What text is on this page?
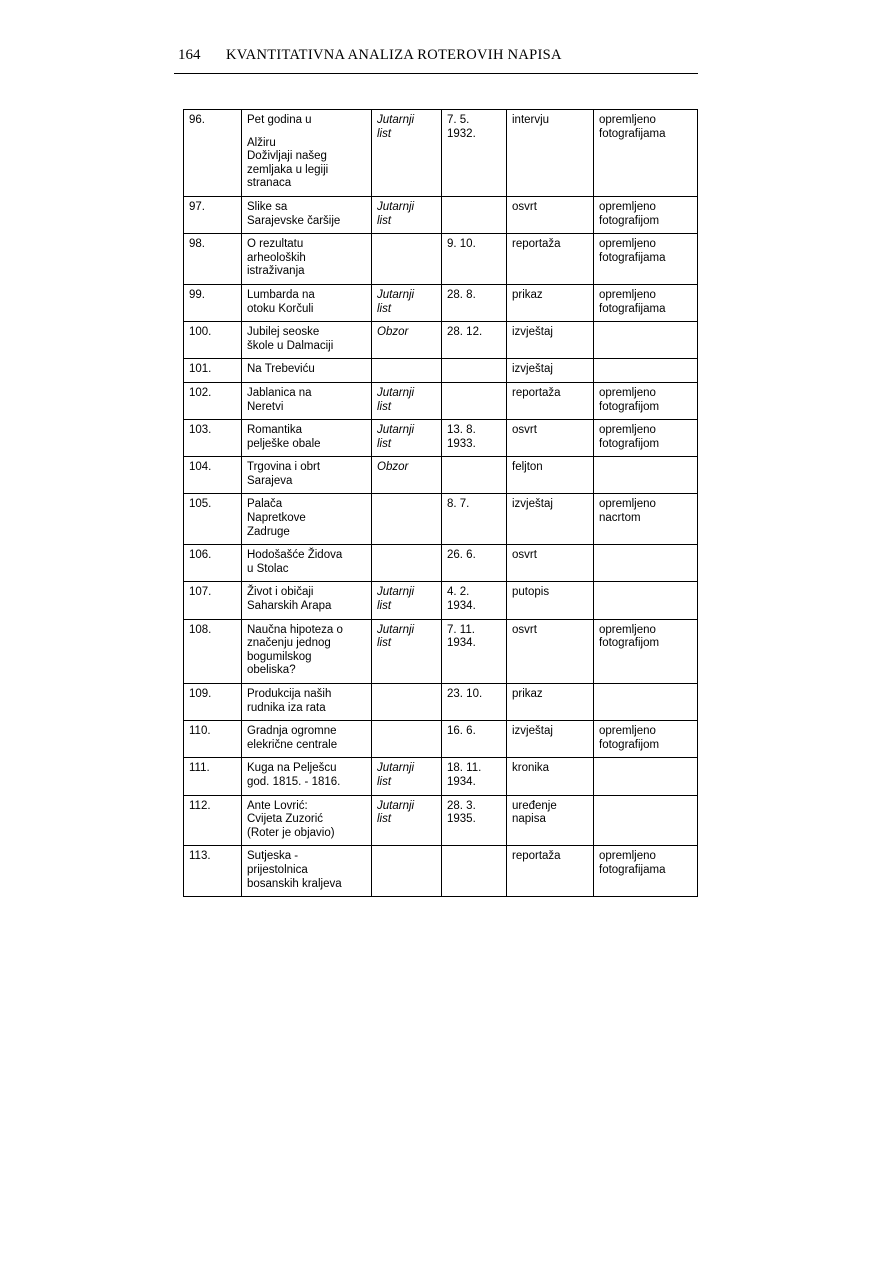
164	KVANTITATIVNA ANALIZA ROTEROVIH NAPISA
96.	Pet godina u
Alžiru
Doživljaji našeg
zemljaka u legiji
stranaca	Jutarnji
list	7. 5.
1932.	intervju	opremljeno
fotografijama

97.	Slike sa
Sarajevske čaršije	Jutarnji
list		osvrt	opremljeno
fotografijom

98.	O rezultatu
arheoloških
istraživanja		9. 10.	reportaža	opremljeno
fotografijama

99.	Lumbarda na
otoku Korčuli	Jutarnji
list	28. 8.	prikaz	opremljeno
fotografijama

100.	Jubilej seoske
škole u Dalmaciji	Obzor	28. 12.	izvještaj	

101.	Na Trebeviću			izvještaj	

102.	Jablanica na
Neretvi	Jutarnji
list		reportaža	opremljeno
fotografijom

103.	Romantika
pelješke obale	Jutarnji
list	13. 8.
1933.	osvrt	opremljeno
fotografijom

104.	Trgovina i obrt
Sarajeva	Obzor		feljton	

105.	Palača
Napretkove
Zadruge		8. 7.	izvještaj	opremljeno
nacrtom

106.	Hodošašće Židova
u Stolac		26. 6.	osvrt	

107.	Život i običaji
Saharskih Arapa	Jutarnji
list	4. 2.
1934.	putopis	

108.	Naučna hipoteza o
značenju jednog
bogumilskog
obeliska?	Jutarnji
list	7. 11.
1934.	osvrt	opremljeno
fotografijom

109.	Produkcija naših
rudnika iza rata		23. 10.	prikaz	

110.	Gradnja ogromne
elekrične centrale		16. 6.	izvještaj	opremljeno
fotografijom

111.	Kuga na Pelješcu
god. 1815. - 1816.	Jutarnji
list	18. 11.
1934.	kronika	

112.	Ante Lovrić:
Cvijeta Zuzorić
(Roter je objavio)	Jutarnji
list	28. 3.
1935.	uređenje
napisa	

113.	Sutjeska -
prijestolnica
bosanskih kraljeva			reportaža	opremljeno
fotografijama
